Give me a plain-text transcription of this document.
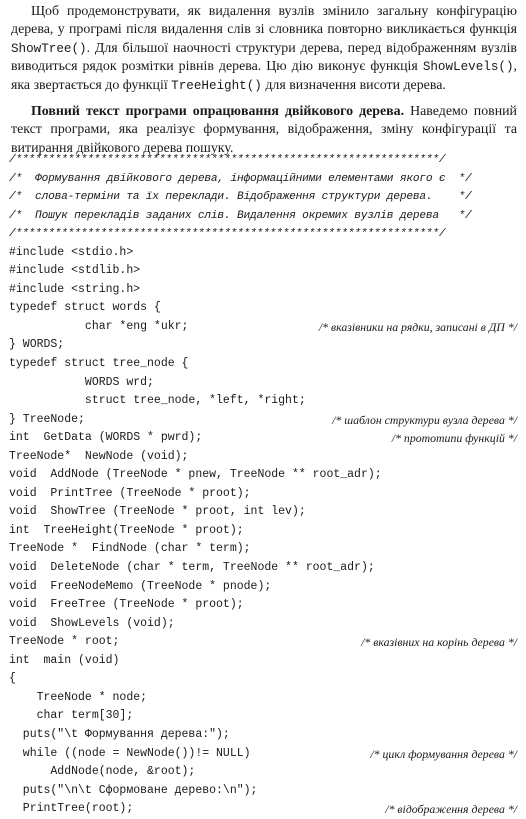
Щоб продемонструвати, як видалення вузлів змінило загальну конфігурацію дерева, у програмі після видалення слів зі словника повторно викликається функція ShowTree(). Для більшої наочності структури дерева, перед відображенням вузлів виводиться рядок розмітки рівнів дерева. Цю дію виконує функція ShowLevels(), яка звертається до функції TreeHeight() для визначення висоти дерева.

Повний текст програми опрацювання двійкового дерева. Наведемо повний текст програми, яка реалізує формування, відображення, зміну конфігурації та витирання двійкового дерева пошуку.

/*****************************************************************/
/*  Формування двійкового дерева, інформаційними елементами якого є  */
/*  слова-терміни та їх переклади. Відображення структури дерева.    */
/*  Пошук перекладів заданих слів. Видалення окремих вузлів дерева   */
/*****************************************************************/
#include <stdio.h>
#include <stdlib.h>
#include <string.h>
typedef struct words {
char *eng *ukr;	/* вказівники на рядки, записані в ДП */
} WORDS;
typedef struct tree_node {
WORDS wrd;
struct tree_node, *left, *right;
} TreeNode;	/* шаблон структури вузла дерева */
int  GetData (WORDS * pwrd);	/* прототипи функцій */
TreeNode*  NewNode (void);
void  AddNode (TreeNode * pnew, TreeNode ** root_adr);
void  PrintTree (TreeNode * proot);
void  ShowTree (TreeNode * proot, int lev);
int  TreeHeight(TreeNode * proot);
TreeNode *  FindNode (char * term);
void  DeleteNode (char * term, TreeNode ** root_adr);
void  FreeNodeMemo (TreeNode * pnode);
void  FreeTree (TreeNode * proot);
void  ShowLevels (void);
TreeNode * root;	/* вказівних на корінь дерева */
int  main (void)
{
TreeNode * node;
char term[30];
puts("\t Формування дерева:");
while ((node = NewNode())!= NULL)	/* цикл формування дерева */
AddNode(node, &root);
puts("\n\t Сформоване дерево:\n");
PrintTree(root);	/* відображення дерева */
